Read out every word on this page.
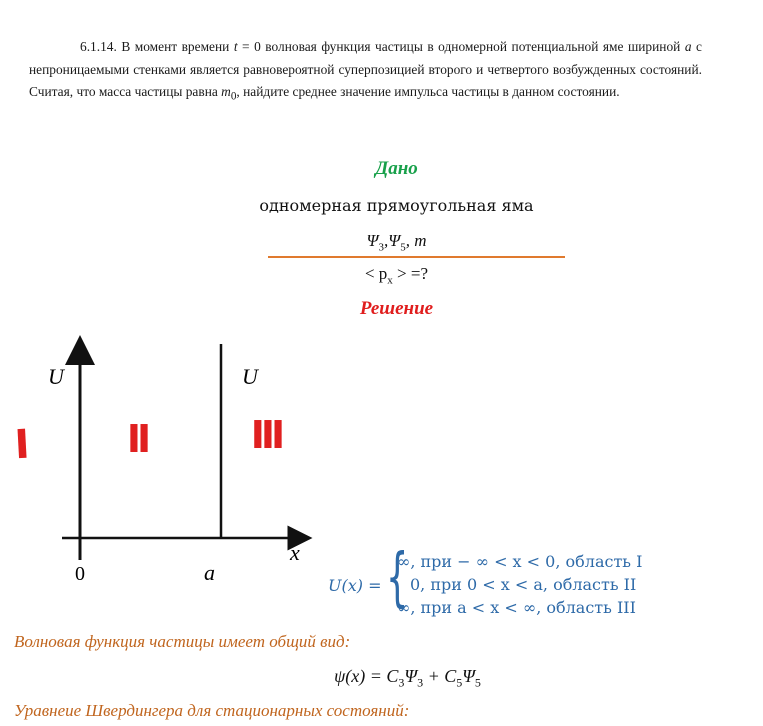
6.1.14. В момент времени t = 0 волновая функция частицы в одномерной потенциальной яме шириной a с непроницаемыми стенками является равновероятной суперпозицией второго и четвертого возбужденных состояний. Считая, что масса частицы равна $m_0$, найдите среднее значение импульса частицы в данном состоянии.
Дано
одномерная прямоугольная яма
$\Psi_3,\Psi_5$, m
< $p_x$ > =?
Решение
U	U
x
0	a
I	II	III
U(x) = {
∞, при − ∞ < x < 0, область I
0, при 0 < x < a, область II
∞, при a < x < ∞, область III
Волновая функция частицы имеет общий вид:
$\psi(x) = C_3\Psi_3 + C_5\Psi_5$
Уравнеие Швердингера для стационарных состояний:
